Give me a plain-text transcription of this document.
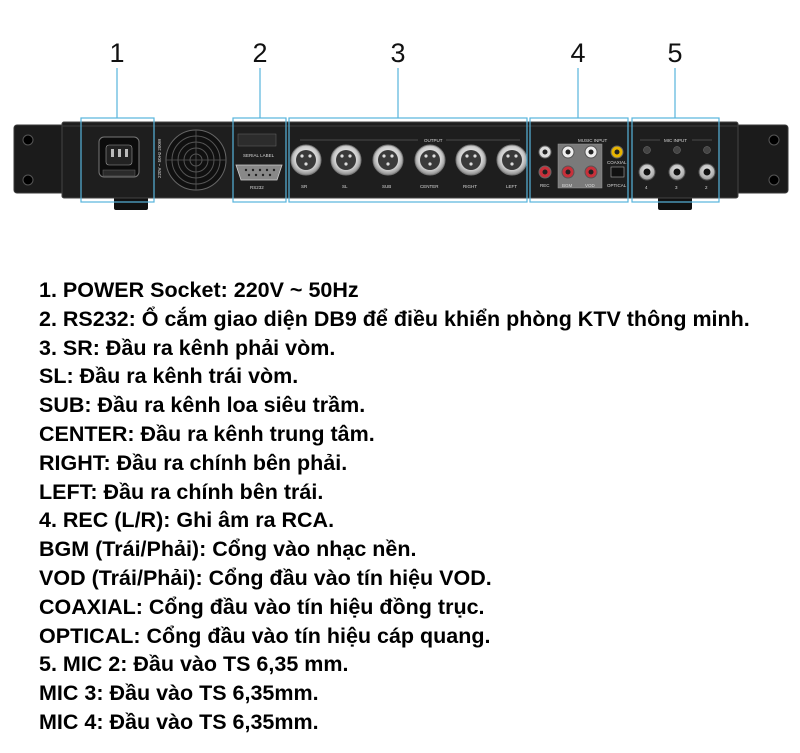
220V ~ 50Hz 200W	SERIAL LABEL
RS232
OUTPUT
SR	SL	SUB	CENTER	RIGHT	LEFT
MUSIC INPUT
COAXIAL
OPTICAL
REC	BGM	VOD
MIC INPUT
4	3	2
1	2	3	4	5
1. POWER Socket: 220V ~ 50Hz
2. RS232: Ổ cắm giao diện DB9 để điều khiển phòng KTV thông minh.
3. SR: Đầu ra kênh phải vòm.
SL: Đầu ra kênh trái vòm.
SUB: Đầu ra kênh loa siêu trầm.
CENTER: Đầu ra kênh trung tâm.
RIGHT: Đầu ra chính bên phải.
LEFT: Đầu ra chính bên trái.
4. REC (L/R): Ghi âm ra RCA.
BGM (Trái/Phải): Cổng vào nhạc nền.
VOD (Trái/Phải): Cổng đầu vào tín hiệu VOD.
COAXIAL: Cổng đầu vào tín hiệu đồng trục.
OPTICAL: Cổng đầu vào tín hiệu cáp quang.
5. MIC 2: Đầu vào TS 6,35 mm.
MIC 3: Đầu vào TS 6,35mm.
MIC 4: Đầu vào TS 6,35mm.
